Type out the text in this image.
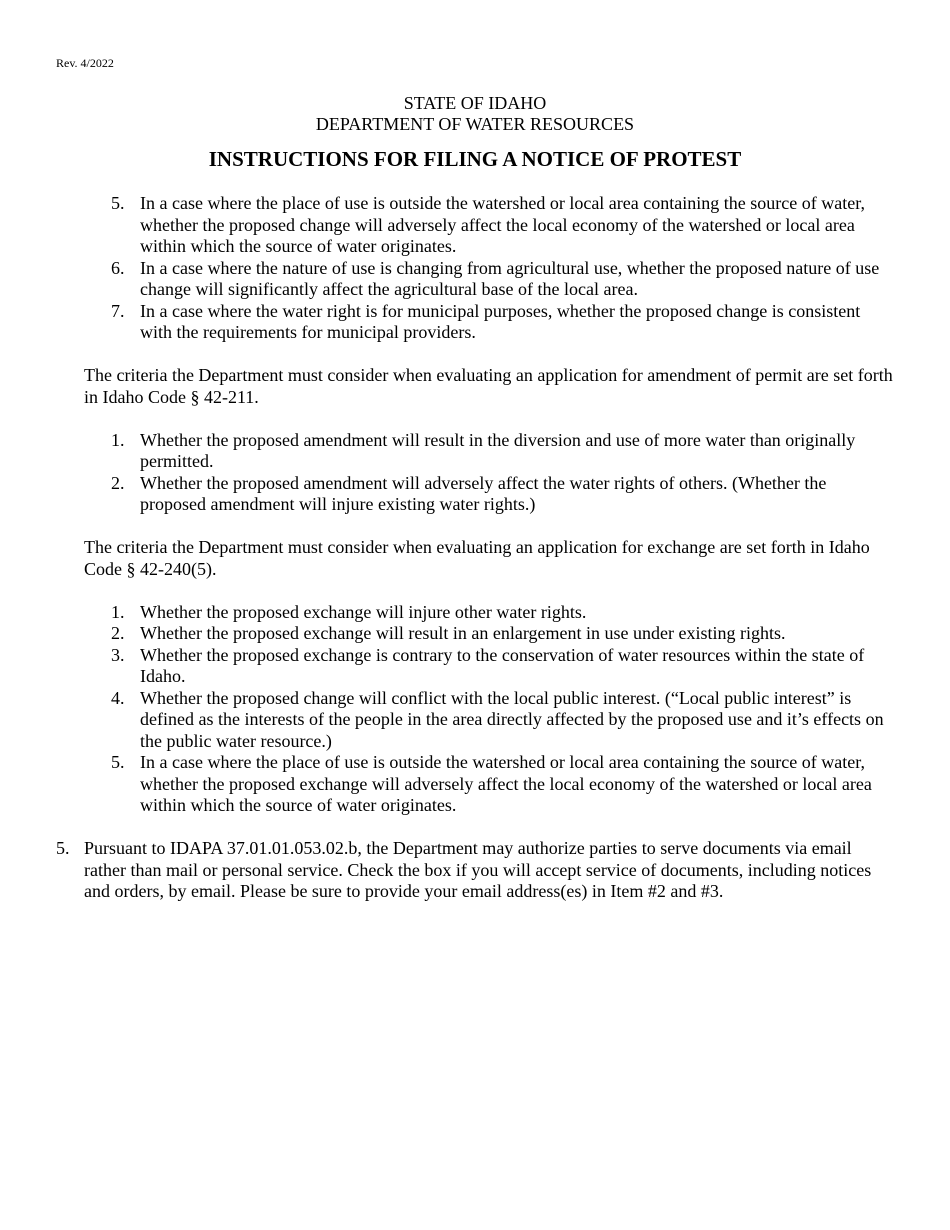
Rev. 4/2022
STATE OF IDAHO
DEPARTMENT OF WATER RESOURCES
INSTRUCTIONS FOR FILING A NOTICE OF PROTEST
5. In a case where the place of use is outside the watershed or local area containing the source of water, whether the proposed change will adversely affect the local economy of the watershed or local area within which the source of water originates.
6. In a case where the nature of use is changing from agricultural use, whether the proposed nature of use change will significantly affect the agricultural base of the local area.
7. In a case where the water right is for municipal purposes, whether the proposed change is consistent with the requirements for municipal providers.

The criteria the Department must consider when evaluating an application for amendment of permit are set forth in Idaho Code § 42-211.

1. Whether the proposed amendment will result in the diversion and use of more water than originally permitted.
2. Whether the proposed amendment will adversely affect the water rights of others. (Whether the proposed amendment will injure existing water rights.)

The criteria the Department must consider when evaluating an application for exchange are set forth in Idaho Code § 42-240(5).

1. Whether the proposed exchange will injure other water rights.
2. Whether the proposed exchange will result in an enlargement in use under existing rights.
3. Whether the proposed exchange is contrary to the conservation of water resources within the state of Idaho.
4. Whether the proposed change will conflict with the local public interest. (“Local public interest” is defined as the interests of the people in the area directly affected by the proposed use and it’s effects on the public water resource.)
5. In a case where the place of use is outside the watershed or local area containing the source of water, whether the proposed exchange will adversely affect the local economy of the watershed or local area within which the source of water originates.
5. Pursuant to IDAPA 37.01.01.053.02.b, the Department may authorize parties to serve documents via email rather than mail or personal service. Check the box if you will accept service of documents, including notices and orders, by email. Please be sure to provide your email address(es) in Item #2 and #3.
